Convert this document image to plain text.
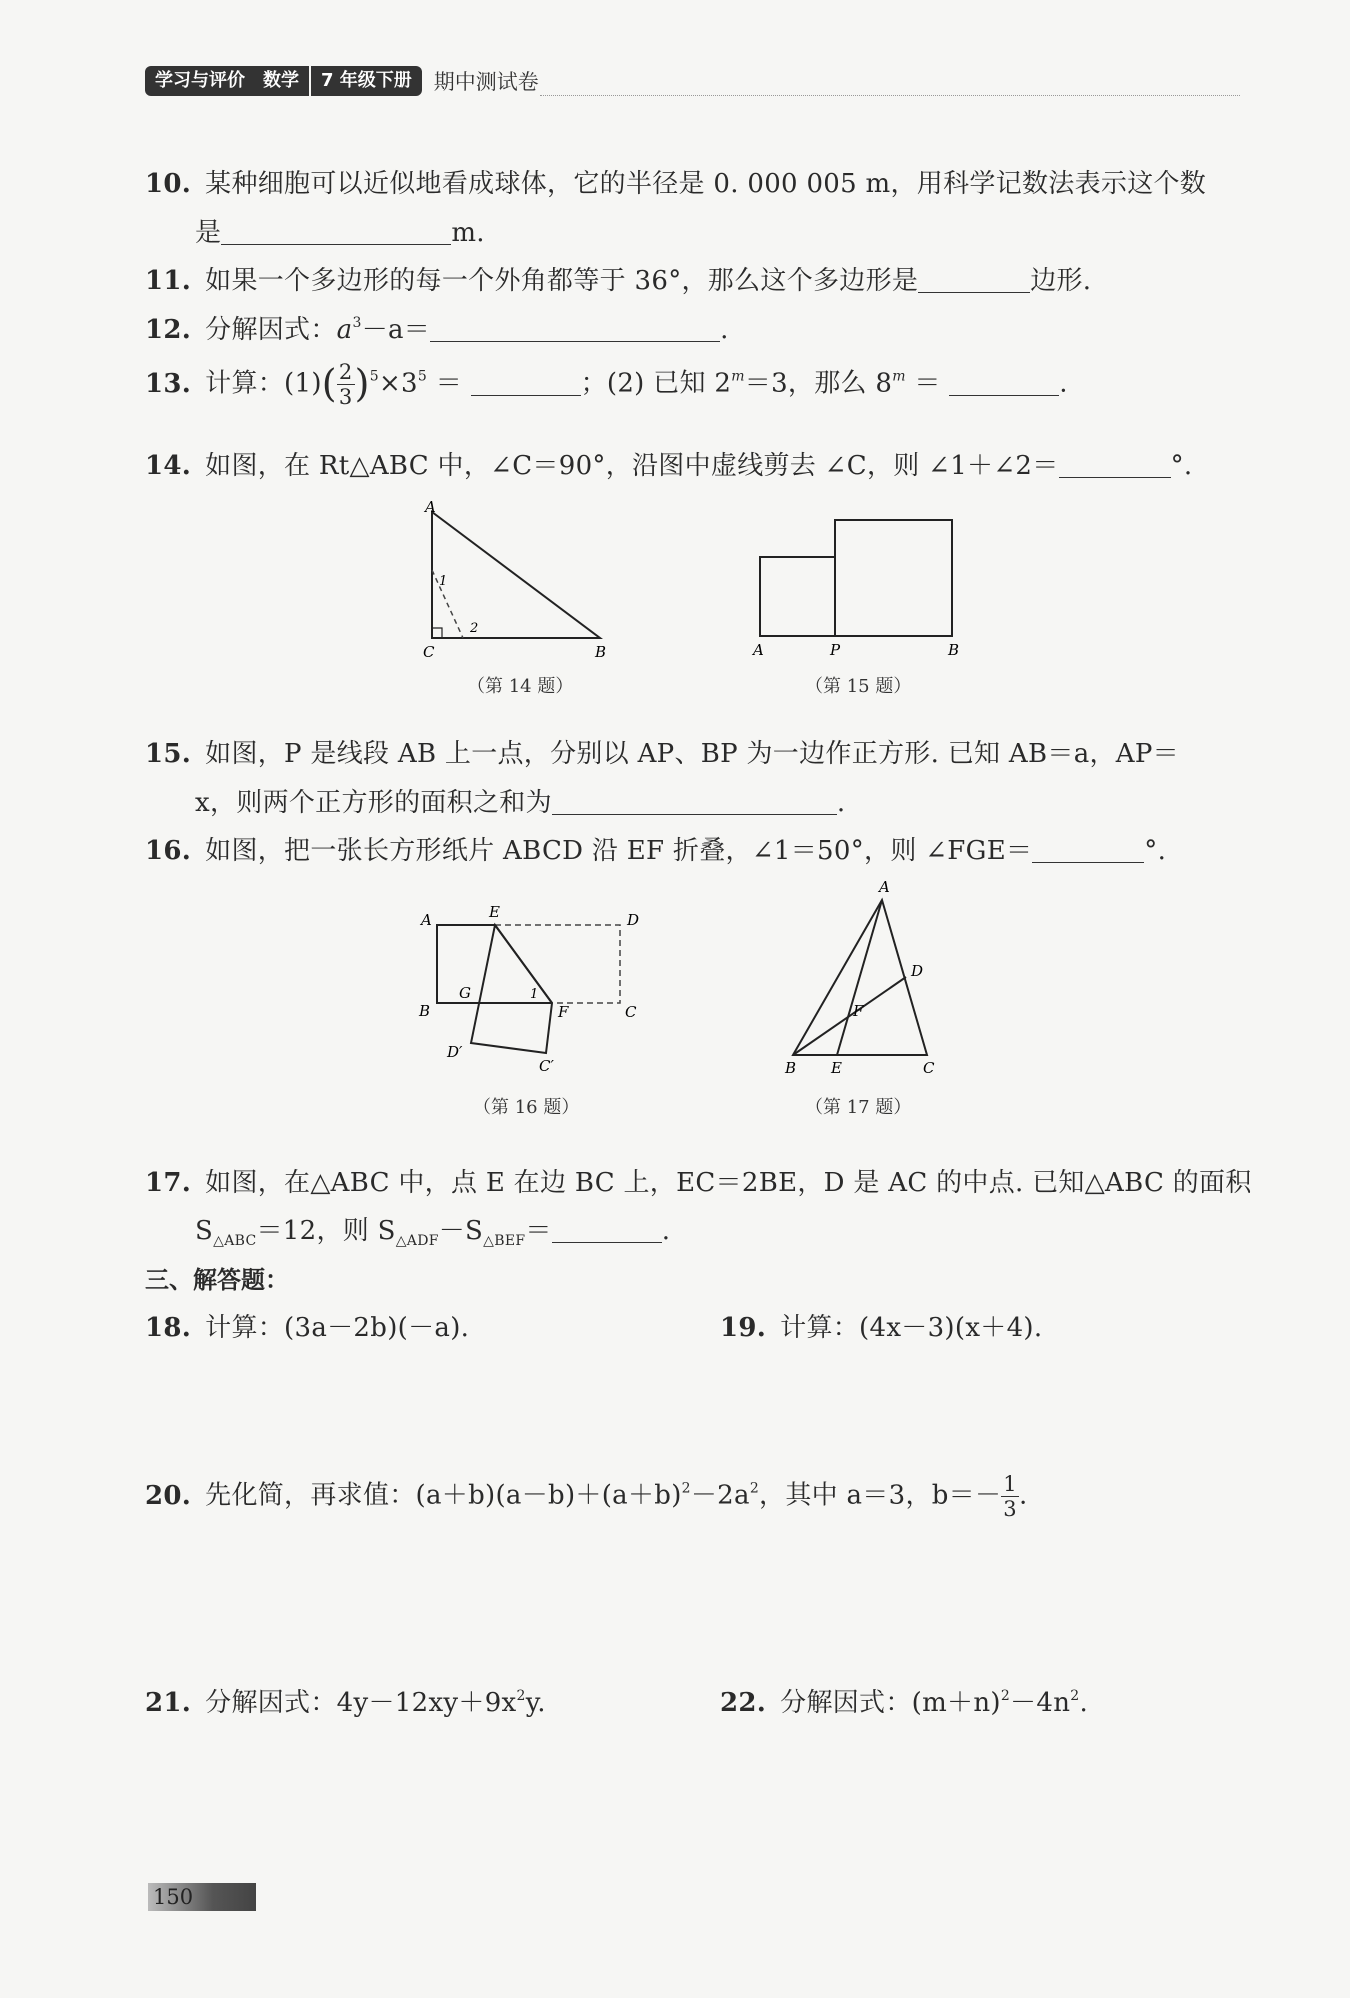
学习与评价　数学	7 年级下册	期中测试卷
10. 某种细胞可以近似地看成球体，它的半径是 0. 000 005 m，用科学记数法表示这个数
是	m.
11. 如果一个多边形的每一个外角都等于 36°，那么这个多边形是	边形.
12. 分解因式：$a^3-a=$	.
13. 计算：$(1)( \frac{2}{3} )^5\times 3^5$ ＝	；(2) 已知 $2^m=3$，那么 $8^m$ ＝	.
14. 如图，在 Rt△ABC 中，∠C＝90°，沿图中虚线剪去 ∠C，则 ∠1＋∠2＝	°.
A
C	B
1
2
（第 14 题）
A	P	B
（第 15 题）
15. 如图，P 是线段 AB 上一点，分别以 AP、BP 为一边作正方形. 已知 AB＝a，AP＝
x，则两个正方形的面积之和为	.
16. 如图，把一张长方形纸片 ABCD 沿 EF 折叠，∠1＝50°，则 ∠FGE＝	°.
A	E	D
B
G	1
F	C
D′
C′
（第 16 题）
A
D
F
B E	C
（第 17 题）
17. 如图，在△ABC 中，点 E 在边 BC 上，EC＝2BE，D 是 AC 的中点. 已知△ABC 的面积
$S_{\triangle ABC}=12$，则 $S_{\triangle ADF}-S_{\triangle BEF}=$	.
三、解答题：
18. 计算：(3a－2b)(－a).	19. 计算：(4x－3)(x＋4).
20. 先化简，再求值：$(a+b)(a-b)+(a+b)^2-2a^2$，其中 a＝3，$b=- \frac{1}{3}$ .
21. 分解因式：$4y-12xy+9x^2y$.	22. 分解因式：$(m+n)^2-4n^2$.
150
